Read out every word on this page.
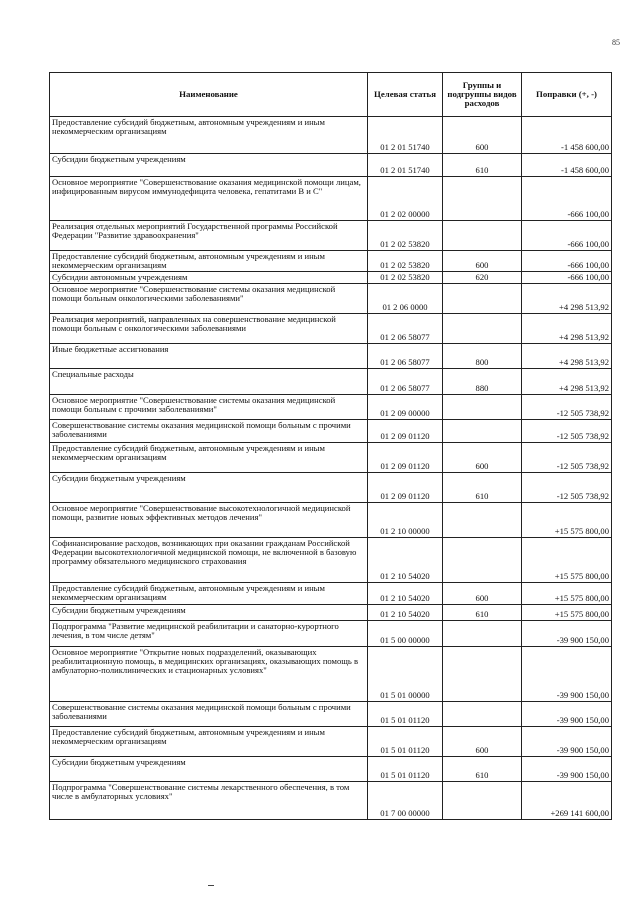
85
Наименование	Целевая статья	Группы и подгруппы видов расходов	Поправки (+, -)
Предоставление субсидий бюджетным, автономным учреждениям и иным некоммерческим организациям	01 2 01 51740	600	-1 458 600,00
Субсидии бюджетным учреждениям	01 2 01 51740	610	-1 458 600,00
Основное мероприятие "Совершенствование оказания медицинской помощи лицам, инфицированным вирусом иммунодефицита человека, гепатитами В и С"	01 2 02 00000		-666 100,00
Реализация отдельных мероприятий Государственной программы Российской Федерации "Развитие здравоохранения"	01 2 02 53820		-666 100,00
Предоставление субсидий бюджетным, автономным учреждениям и иным некоммерческим организациям	01 2 02 53820	600	-666 100,00
Субсидии автономным учреждениям	01 2 02 53820	620	-666 100,00
Основное мероприятие "Совершенствование системы оказания медицинской помощи больным онкологическими заболеваниями"	01 2 06 0000		+4 298 513,92
Реализация мероприятий, направленных на совершенствование медицинской помощи больным с онкологическими заболеваниями	01 2 06 58077		+4 298 513,92
Иные бюджетные ассигнования	01 2 06 58077	800	+4 298 513,92
Специальные расходы	01 2 06 58077	880	+4 298 513,92
Основное мероприятие "Совершенствование системы оказания медицинской помощи больным с прочими заболеваниями"	01 2 09 00000		-12 505 738,92
Совершенствование системы оказания медицинской помощи больным с прочими заболеваниями	01 2 09 01120		-12 505 738,92
Предоставление субсидий бюджетным, автономным учреждениям и иным некоммерческим организациям	01 2 09 01120	600	-12 505 738,92
Субсидии бюджетным учреждениям	01 2 09 01120	610	-12 505 738,92
Основное мероприятие "Совершенствование высокотехнологичной медицинской помощи, развитие новых эффективных методов лечения"	01 2 10 00000		+15 575 800,00
Софинансирование расходов, возникающих при оказании гражданам Российской Федерации высокотехнологичной медицинской помощи, не включенной в базовую программу обязательного медицинского страхования	01 2 10 54020		+15 575 800,00
Предоставление субсидий бюджетным, автономным учреждениям и иным некоммерческим организациям	01 2 10 54020	600	+15 575 800,00
Субсидии бюджетным учреждениям	01 2 10 54020	610	+15 575 800,00
Подпрограмма "Развитие медицинской реабилитации и санаторно-курортного лечения, в том числе детям"	01 5 00 00000		-39 900 150,00
Основное мероприятие "Открытие новых подразделений, оказывающих реабилитационную помощь, в медицинских организациях, оказывающих помощь в амбулаторно-поликлинических и стационарных условиях"	01 5 01 00000		-39 900 150,00
Совершенствование системы оказания медицинской помощи больным с прочими заболеваниями	01 5 01 01120		-39 900 150,00
Предоставление субсидий бюджетным, автономным учреждениям и иным некоммерческим организациям	01 5 01 01120	600	-39 900 150,00
Субсидии бюджетным учреждениям	01 5 01 01120	610	-39 900 150,00
Подпрограмма "Совершенствование системы лекарственного обеспечения, в том числе в амбулаторных условиях"	01 7 00 00000		+269 141 600,00
